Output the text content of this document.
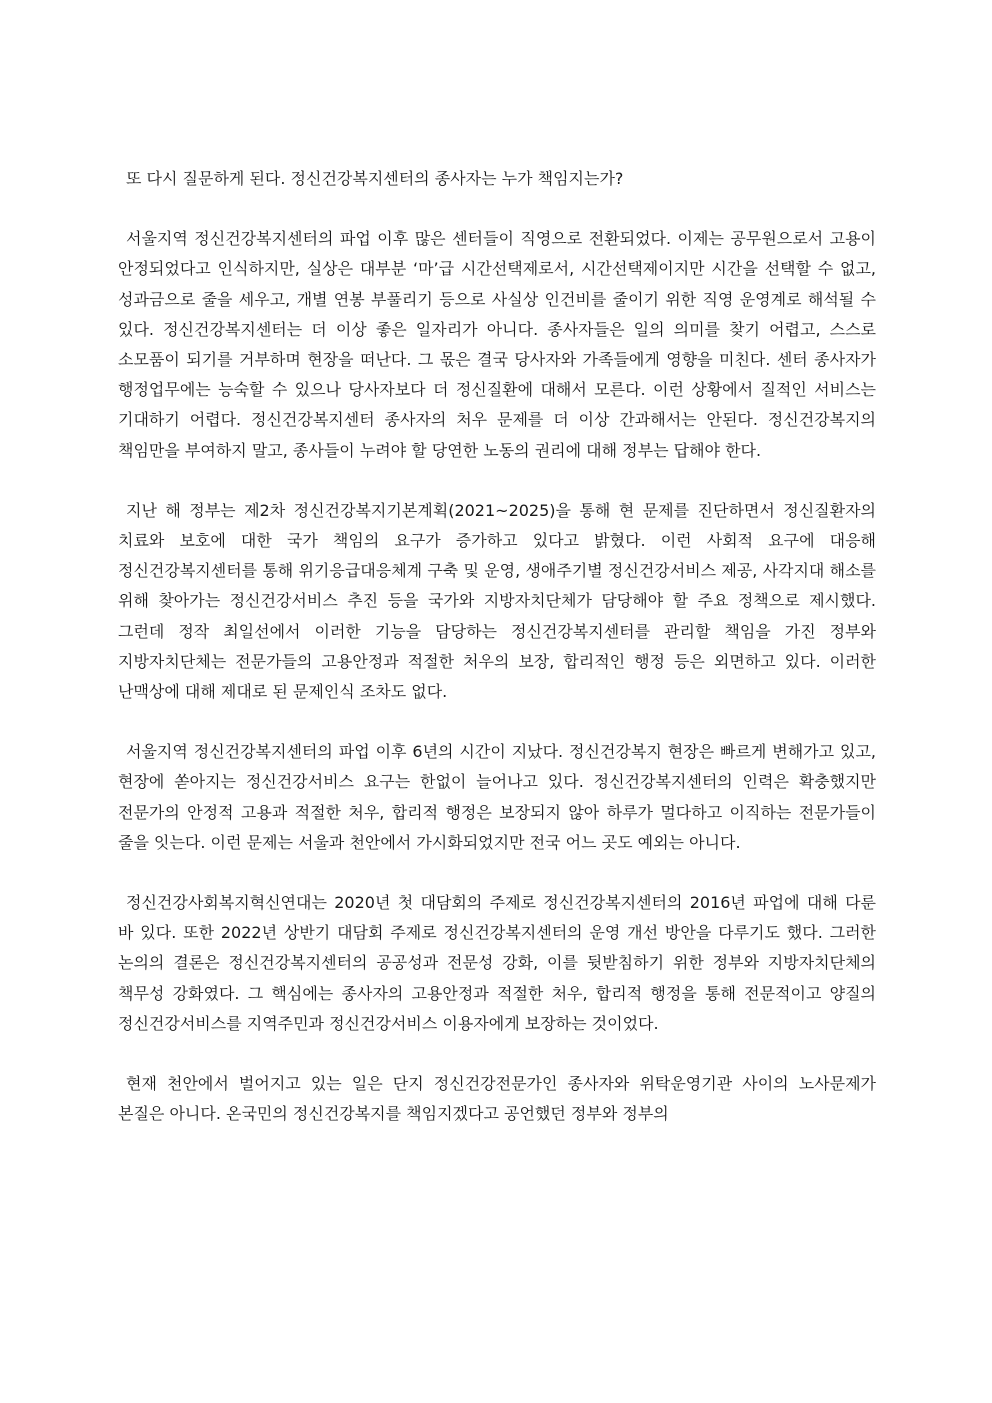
또 다시 질문하게 된다. 정신건강복지센터의 종사자는 누가 책임지는가?

서울지역 정신건강복지센터의 파업 이후 많은 센터들이 직영으로 전환되었다. 이제는 공무원으로서 고용이 안정되었다고 인식하지만, 실상은 대부분 ‘마’급 시간선택제로서, 시간선택제이지만 시간을 선택할 수 없고, 성과금으로 줄을 세우고, 개별 연봉 부풀리기 등으로 사실상 인건비를 줄이기 위한 직영 운영계로 해석될 수 있다. 정신건강복지센터는 더 이상 좋은 일자리가 아니다. 종사자들은 일의 의미를 찾기 어렵고, 스스로 소모품이 되기를 거부하며 현장을 떠난다. 그 몫은 결국 당사자와 가족들에게 영향을 미친다. 센터 종사자가 행정업무에는 능숙할 수 있으나 당사자보다 더 정신질환에 대해서 모른다. 이런 상황에서 질적인 서비스는 기대하기 어렵다. 정신건강복지센터 종사자의 처우 문제를 더 이상 간과해서는 안된다. 정신건강복지의 책임만을 부여하지 말고, 종사들이 누려야 할 당연한 노동의 권리에 대해 정부는 답해야 한다.

지난 해 정부는 제2차 정신건강복지기본계획(2021~2025)을 통해 현 문제를 진단하면서 정신질환자의 치료와 보호에 대한 국가 책임의 요구가 증가하고 있다고 밝혔다. 이런 사회적 요구에 대응해 정신건강복지센터를 통해 위기응급대응체계 구축 및 운영, 생애주기별 정신건강서비스 제공, 사각지대 해소를 위해 찾아가는 정신건강서비스 추진 등을 국가와 지방자치단체가 담당해야 할 주요 정책으로 제시했다. 그런데 정작 최일선에서 이러한 기능을 담당하는 정신건강복지센터를 관리할 책임을 가진 정부와 지방자치단체는 전문가들의 고용안정과 적절한 처우의 보장, 합리적인 행정 등은 외면하고 있다. 이러한 난맥상에 대해 제대로 된 문제인식 조차도 없다.

서울지역 정신건강복지센터의 파업 이후 6년의 시간이 지났다. 정신건강복지 현장은 빠르게 변해가고 있고, 현장에 쏟아지는 정신건강서비스 요구는 한없이 늘어나고 있다. 정신건강복지센터의 인력은 확충했지만 전문가의 안정적 고용과 적절한 처우, 합리적 행정은 보장되지 않아 하루가 멀다하고 이직하는 전문가들이 줄을 잇는다. 이런 문제는 서울과 천안에서 가시화되었지만 전국 어느 곳도 예외는 아니다.

정신건강사회복지혁신연대는 2020년 첫 대담회의 주제로 정신건강복지센터의 2016년 파업에 대해 다룬 바 있다. 또한 2022년 상반기 대담회 주제로 정신건강복지센터의 운영 개선 방안을 다루기도 했다. 그러한 논의의 결론은 정신건강복지센터의 공공성과 전문성 강화, 이를 뒷받침하기 위한 정부와 지방자치단체의 책무성 강화였다. 그 핵심에는 종사자의 고용안정과 적절한 처우, 합리적 행정을 통해 전문적이고 양질의 정신건강서비스를 지역주민과 정신건강서비스 이용자에게 보장하는 것이었다.

현재 천안에서 벌어지고 있는 일은 단지 정신건강전문가인 종사자와 위탁운영기관 사이의 노사문제가 본질은 아니다. 온국민의 정신건강복지를 책임지겠다고 공언했던 정부와 정부의
